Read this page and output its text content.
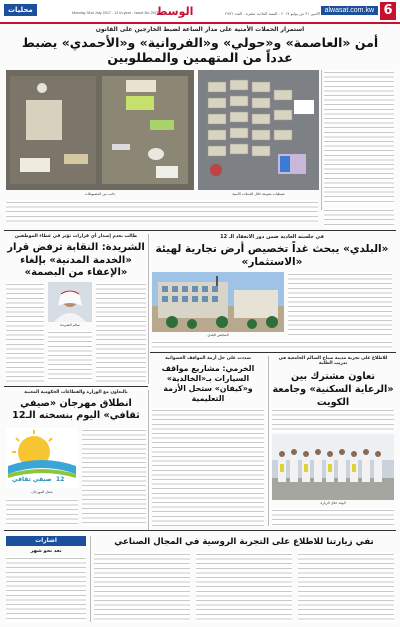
6
alwasat.com.kw
الاثنين ٣١ من يوليو ٢٠١٧ - السنة الحادية عشرة - العدد ٢٩٧٦
الوسط
Monday 31st July 2017 - 11 th year - Issue No 2976
محليات
استمرار الحملات الأمنية على مدار الساعة لضبط الخارجين على القانون
أمن «العاصمة» و«حولي» و«الفروانية» و«الأحمدي» يضبط عدداً من المتهمين والمطلوبين
جانب من المضبوطات	ضبطيات متنوعة خلال الحملات الأمنية
طالب بعدم إصدار أي قرارات تؤثر في عطاء الموظفين
الشريدة: النقابة ترفض قرار «الخدمة المدنية» بإلغاء «الإعفاء من البصمة»
سالم الشريدة
في جلسته العادية ضمن دور الانعقاد الـ 12
«البلدي» يبحث غداً تخصيص أرض تجارية لهيئة «الاستثمار»
المجلس البلدي
شددت على حل أزمة المواقف العشوائية
الخرمي: مشاريع مواقف السيارات بـ«الخالدية» و«كيفان» ستحل الأزمة التعليمية
للاطلاع على تجربة مدينة صباح السالم الجامعية في تدريب الطلبة
تعاون مشترك بين «الرعاية السكنية» وجامعة الكويت
الوفد خلال الزيارة
بالتعاون مع الوزارة والقطاعات الحكومية المعنية
انطلاق مهرجان «صيفي ثقافي» اليوم بنسخته الـ12
صيفي ثقافي 12
شعار المهرجان
اشارات
بعد نحو شهر
تفي زيارتنا للاطلاع على التجربة الروسية في المجال الصناعي
